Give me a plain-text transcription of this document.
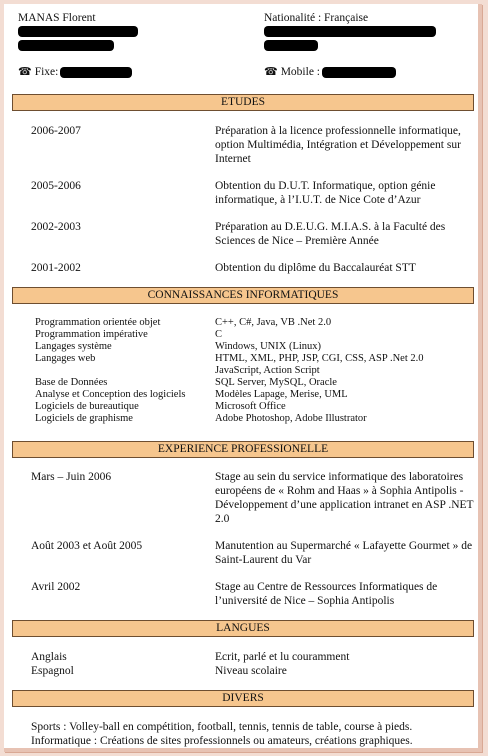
MANAS Florent	Nationalité : Française
☎ Fixe:	☎ Mobile :
ETUDES
2006-2007	Préparation à la licence professionnelle informatique, option Multimédia, Intégration et Développement sur Internet
2005-2006	Obtention du D.U.T. Informatique, option génie informatique, à l’I.U.T. de Nice Cote d’Azur
2002-2003	Préparation au D.E.U.G. M.I.A.S. à la Faculté des Sciences de Nice – Première Année
2001-2002	Obtention du diplôme du Baccalauréat STT
CONNAISSANCES INFORMATIQUES
Programmation orientée objet	C++, C#, Java, VB .Net 2.0
Programmation impérative	C
Langages système	Windows, UNIX (Linux)
Langages web	HTML, XML, PHP, JSP, CGI, CSS, ASP .Net 2.0
JavaScript, Action Script
Base de Données	SQL Server, MySQL, Oracle
Analyse et Conception des logiciels	Modèles Lapage, Merise, UML
Logiciels de bureautique	Microsoft Office
Logiciels de graphisme	Adobe Photoshop, Adobe Illustrator
EXPERIENCE PROFESSIONELLE
Mars – Juin 2006	Stage au sein du service informatique des laboratoires européens de « Rohm and Haas » à Sophia Antipolis - Développement d’une application intranet en ASP .NET 2.0
Août 2003 et Août 2005	Manutention au Supermarché « Lafayette Gourmet » de Saint-Laurent du Var
Avril 2002	Stage au Centre de Ressources Informatiques de l’université de Nice – Sophia Antipolis
LANGUES
Anglais	Ecrit, parlé et lu couramment
Espagnol	Niveau scolaire
DIVERS
Sports : Volley-ball en compétition, football, tennis, tennis de table, course à pieds.
Informatique : Créations de sites professionnels ou amateurs, créations graphiques.
